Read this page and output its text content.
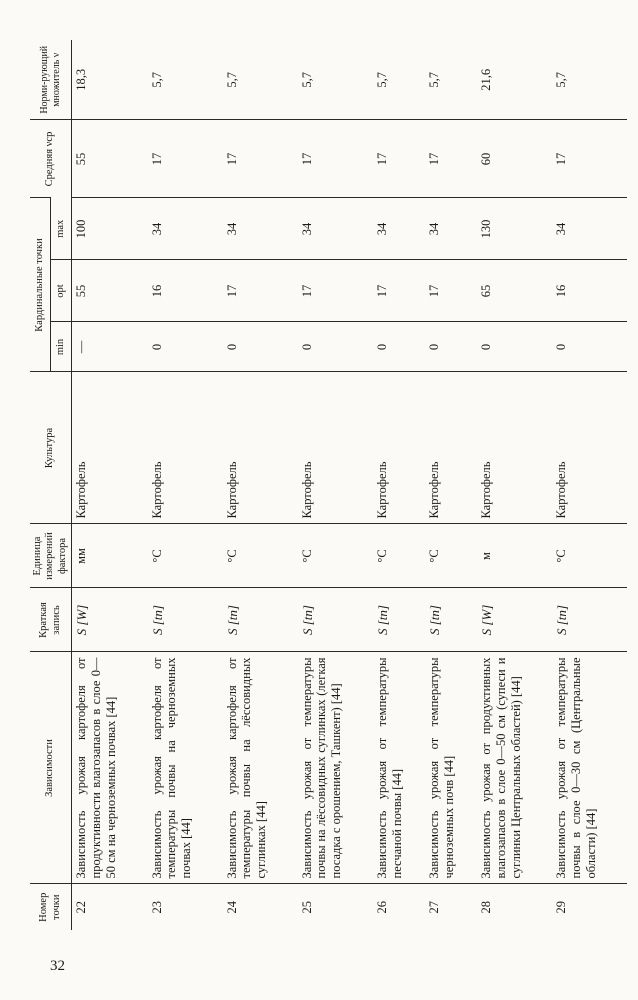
32
Номер точки	Зависимости	Краткая запись	Единица измерений фактора	Культура	Кардинальные точки			Средняя νср	Норми-рующий множитель ν
					min	opt	max		
22	Зависимость урожая картофеля от продуктивности влагозапасов в слое 0—50 см на черноземных почвах [44]	S [W]	мм	Картофель	—	55	100	55	18,3
23	Зависимость урожая картофеля от температуры почвы на черноземных почвах [44]	S [tп]	°C	Картофель	0	16	34	17	5,7
24	Зависимость урожая картофеля от температуры почвы на лёссовидных суглинках [44]	S [tп]	°C	Картофель	0	17	34	17	5,7
25	Зависимость урожая от температуры почвы на лёссовидных суглинках (легкая посадка с орошением, Ташкент) [44]	S [tп]	°C	Картофель	0	17	34	17	5,7
26	Зависимость урожая от температуры песчаной почвы [44]	S [tп]	°C	Картофель	0	17	34	17	5,7
27	Зависимость урожая от температуры черноземных почв [44]	S [tп]	°C	Картофель	0	17	34	17	5,7
28	Зависимость урожая от продуктивных влагозапасов в слое 0—50 см (супеси и суглинки Центральных областей) [44]	S [W]	м	Картофель	0	65	130	60	21,6
29	Зависимость урожая от температуры почвы в слое 0—30 см (Центральные области) [44]	S [tп]	°C	Картофель	0	16	34	17	5,7
